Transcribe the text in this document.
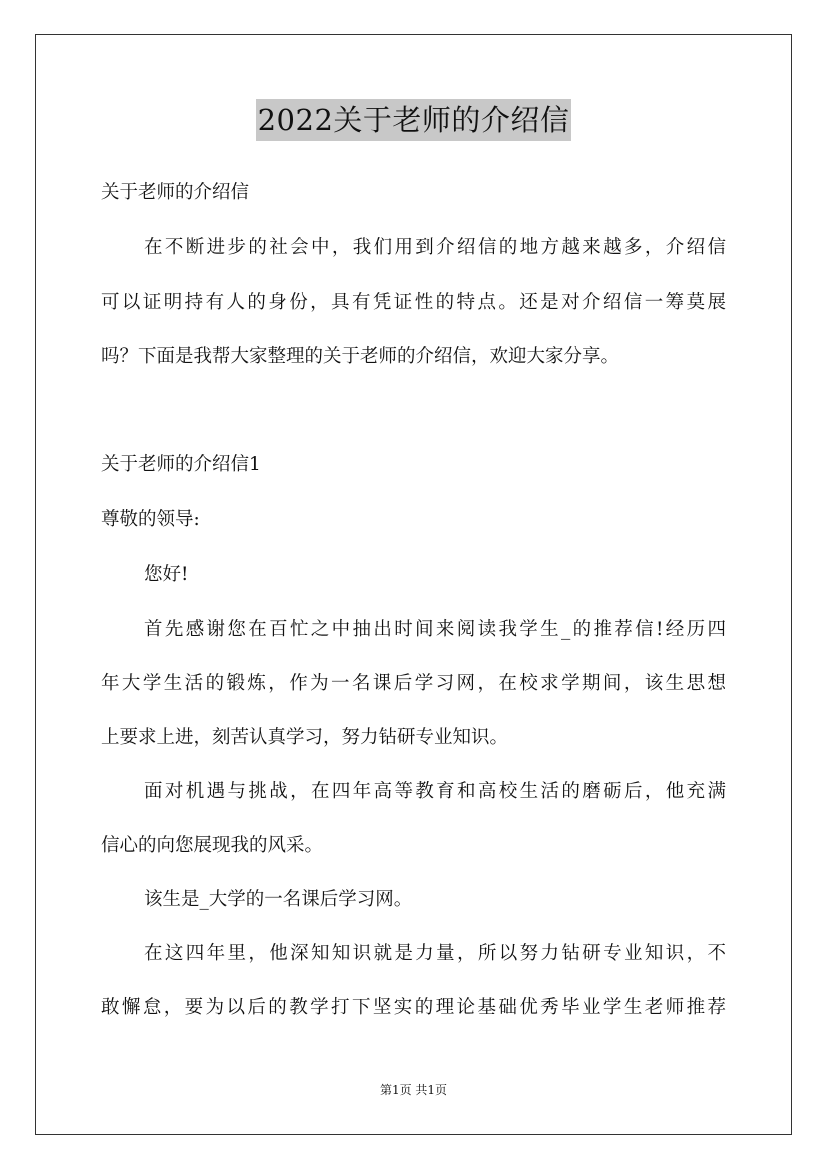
2022关于老师的介绍信
关于老师的介绍信
在不断进步的社会中，我们用到介绍信的地方越来越多，介绍信
可以证明持有人的身份，具有凭证性的特点。还是对介绍信一筹莫展
吗？下面是我帮大家整理的关于老师的介绍信，欢迎大家分享。
关于老师的介绍信1
尊敬的领导:
您好!
首先感谢您在百忙之中抽出时间来阅读我学生_的推荐信!经历四
年大学生活的锻炼，作为一名课后学习网，在校求学期间，该生思想
上要求上进，刻苦认真学习，努力钻研专业知识。
面对机遇与挑战，在四年高等教育和高校生活的磨砺后，他充满
信心的向您展现我的风采。
该生是_大学的一名课后学习网。
在这四年里，他深知知识就是力量，所以努力钻研专业知识，不
敢懈怠，要为以后的教学打下坚实的理论基础优秀毕业学生老师推荐
第1页 共1页
